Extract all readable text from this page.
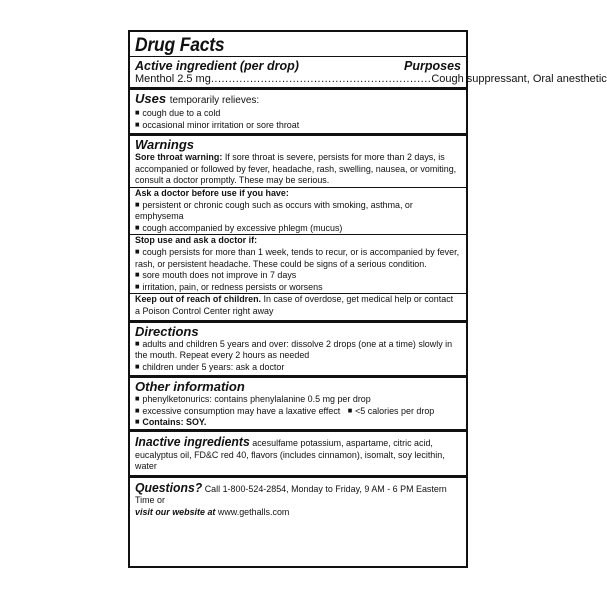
Drug Facts
Active ingredient (per drop)	Purposes
Menthol 2.5 mg .............................................................. Cough suppressant, Oral anesthetic
Uses temporarily relieves:
■ cough due to a cold
■ occasional minor irritation or sore throat
Warnings
Sore throat warning: If sore throat is severe, persists for more than 2 days, is accompanied or followed by fever, headache, rash, swelling, nausea, or vomiting, consult a doctor promptly. These may be serious.
Ask a doctor before use if you have:
■ persistent or chronic cough such as occurs with smoking, asthma, or emphysema
■ cough accompanied by excessive phlegm (mucus)
Stop use and ask a doctor if:
■ cough persists for more than 1 week, tends to recur, or is accompanied by fever, rash, or persistent headache. These could be signs of a serious condition.
■ sore mouth does not improve in 7 days
■ irritation, pain, or redness persists or worsens
Keep out of reach of children. In case of overdose, get medical help or contact a Poison Control Center right away
Directions
■ adults and children 5 years and over: dissolve 2 drops (one at a time) slowly in the mouth. Repeat every 2 hours as needed
■ children under 5 years: ask a doctor
Other information
■ phenylketonurics: contains phenylalanine 0.5 mg per drop
■ excessive consumption may have a laxative effect   ■ <5 calories per drop
■ Contains: SOY.
Inactive ingredients acesulfame potassium, aspartame, citric acid, eucalyptus oil, FD&C red 40, flavors (includes cinnamon), isomalt, soy lecithin, water
Questions? Call 1-800-524-2854, Monday to Friday, 9 AM - 6 PM Eastern Time or
visit our website at www.gethalls.com
